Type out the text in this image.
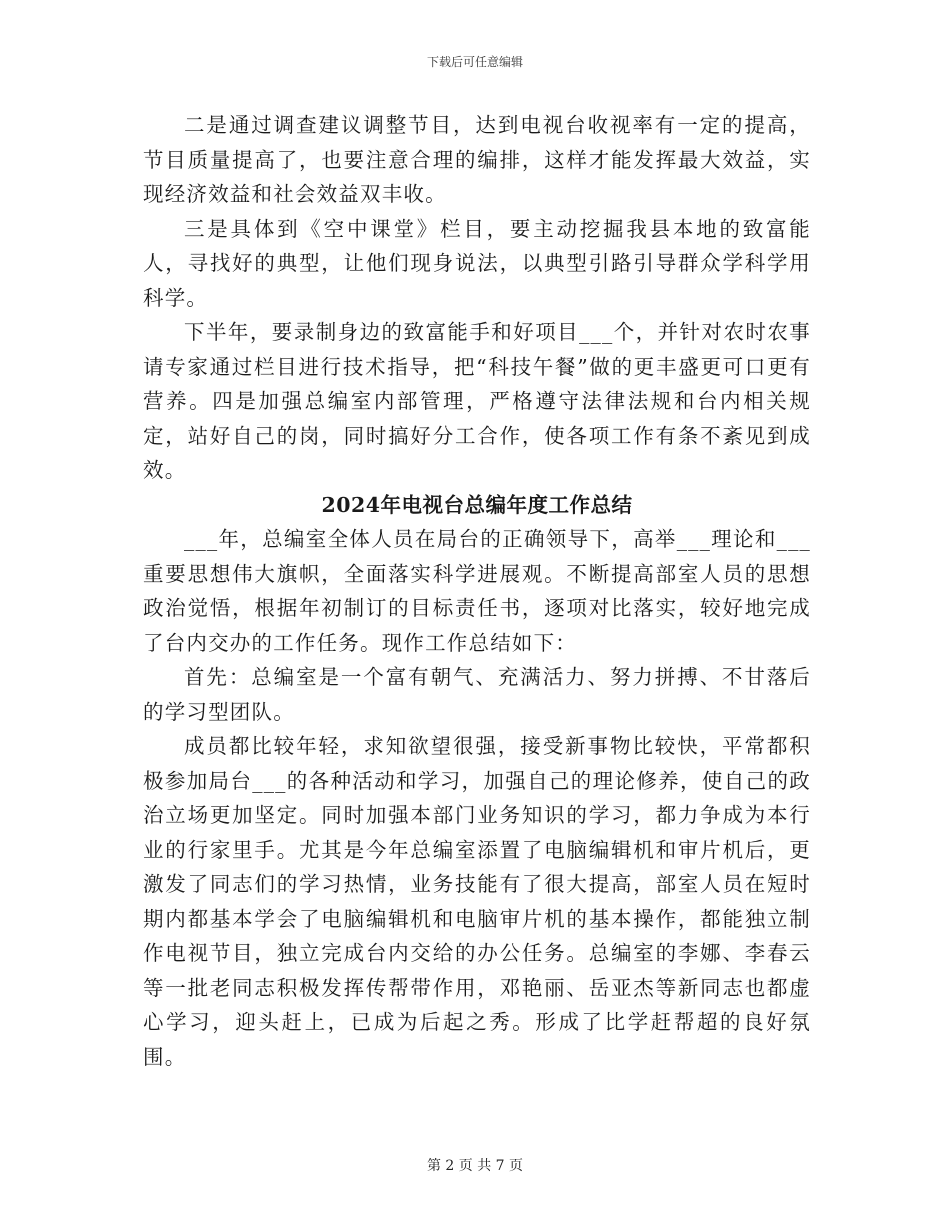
下载后可任意编辑

二是通过调查建议调整节目，达到电视台收视率有一定的提高，节目质量提高了，也要注意合理的编排，这样才能发挥最大效益，实现经济效益和社会效益双丰收。

三是具体到《空中课堂》栏目，要主动挖掘我县本地的致富能人，寻找好的典型，让他们现身说法，以典型引路引导群众学科学用科学。

下半年，要录制身边的致富能手和好项目___个，并针对农时农事请专家通过栏目进行技术指导，把“科技午餐”做的更丰盛更可口更有营养。四是加强总编室内部管理，严格遵守法律法规和台内相关规定，站好自己的岗，同时搞好分工合作，使各项工作有条不紊见到成效。

2024年电视台总编年度工作总结

___年，总编室全体人员在局台的正确领导下，高举___理论和___重要思想伟大旗帜，全面落实科学进展观。不断提高部室人员的思想政治觉悟，根据年初制订的目标责任书，逐项对比落实，较好地完成了台内交办的工作任务。现作工作总结如下：

首先：总编室是一个富有朝气、充满活力、努力拼搏、不甘落后的学习型团队。

成员都比较年轻，求知欲望很强，接受新事物比较快，平常都积极参加局台___的各种活动和学习，加强自己的理论修养，使自己的政治立场更加坚定。同时加强本部门业务知识的学习，都力争成为本行业的行家里手。尤其是今年总编室添置了电脑编辑机和审片机后，更激发了同志们的学习热情，业务技能有了很大提高，部室人员在短时期内都基本学会了电脑编辑机和电脑审片机的基本操作，都能独立制作电视节目，独立完成台内交给的办公任务。总编室的李娜、李春云等一批老同志积极发挥传帮带作用，邓艳丽、岳亚杰等新同志也都虚心学习，迎头赶上，已成为后起之秀。形成了比学赶帮超的良好氛围。

第 2 页 共 7 页
